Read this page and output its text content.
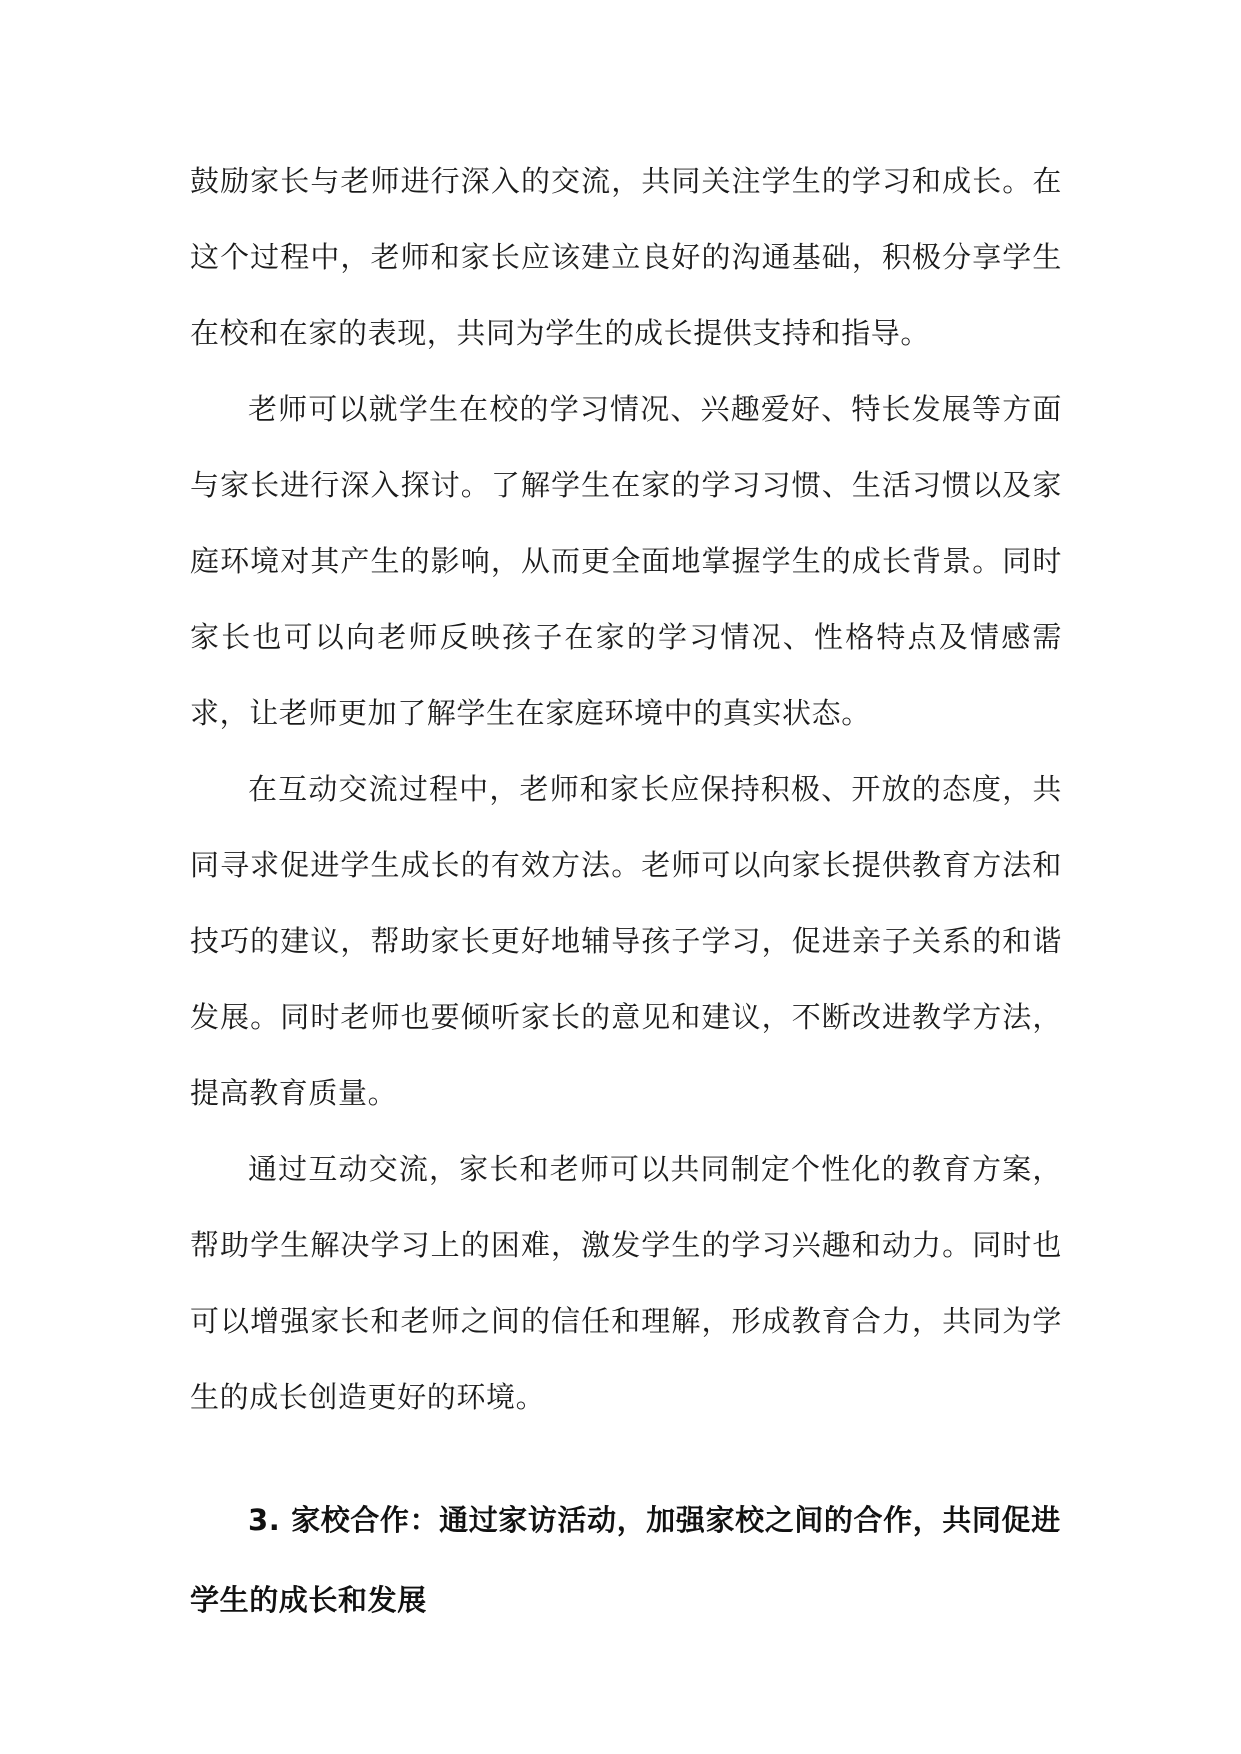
鼓励家长与老师进行深入的交流，共同关注学生的学习和成长。在这个过程中，老师和家长应该建立良好的沟通基础，积极分享学生在校和在家的表现，共同为学生的成长提供支持和指导。

老师可以就学生在校的学习情况、兴趣爱好、特长发展等方面与家长进行深入探讨。了解学生在家的学习习惯、生活习惯以及家庭环境对其产生的影响，从而更全面地掌握学生的成长背景。同时家长也可以向老师反映孩子在家的学习情况、性格特点及情感需求，让老师更加了解学生在家庭环境中的真实状态。

在互动交流过程中，老师和家长应保持积极、开放的态度，共同寻求促进学生成长的有效方法。老师可以向家长提供教育方法和技巧的建议，帮助家长更好地辅导孩子学习，促进亲子关系的和谐发展。同时老师也要倾听家长的意见和建议，不断改进教学方法，提高教育质量。

通过互动交流，家长和老师可以共同制定个性化的教育方案，帮助学生解决学习上的困难，激发学生的学习兴趣和动力。同时也可以增强家长和老师之间的信任和理解，形成教育合力，共同为学生的成长创造更好的环境。

3. 家校合作：通过家访活动，加强家校之间的合作，共同促进学生的成长和发展
